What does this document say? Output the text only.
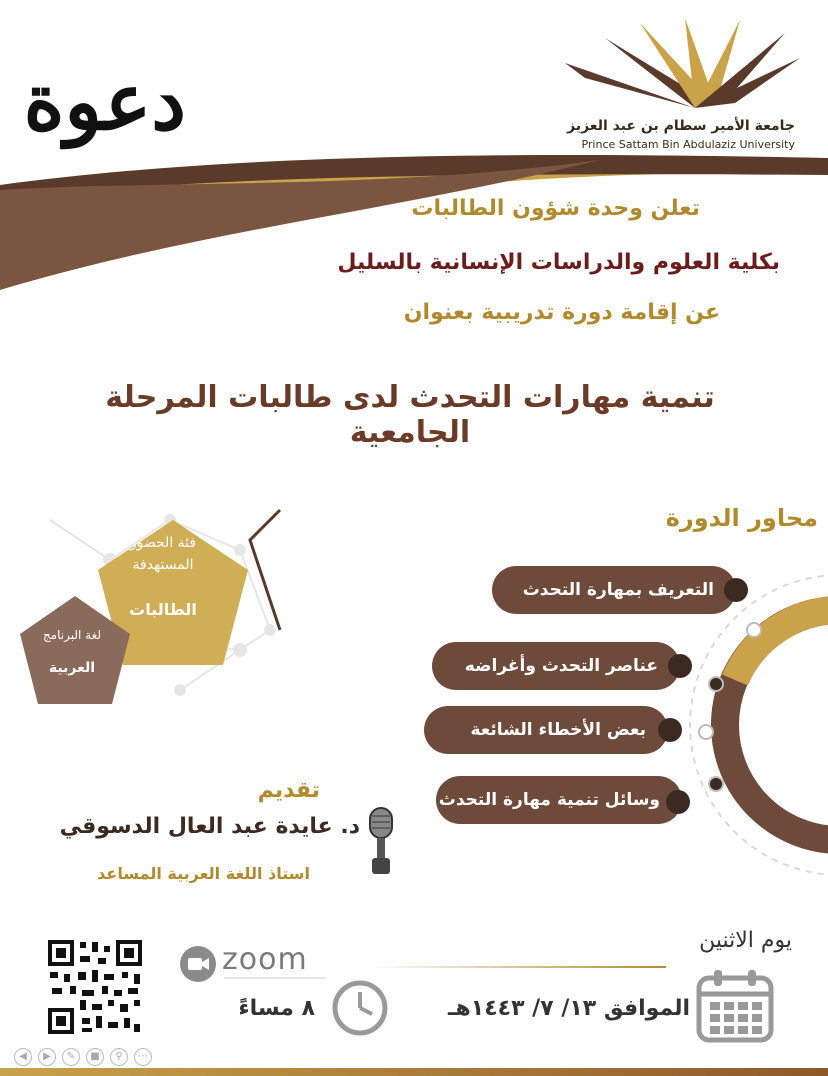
جامعة الأمير سطام بن عبد العزيز
Prince Sattam Bin Abdulaziz University
دعوة
تعلن وحدة شؤون الطالبات
بكلية العلوم والدراسات الإنسانية بالسليل
عن إقامة دورة تدريبية بعنوان
تنمية مهارات التحدث لدى طالبات المرحلة الجامعية
فئة الحضور المستهدفة
الطالبات
لغة البرنامج
العربية
محاور الدورة
التعريف بمهارة التحدث
عناصر التحدث وأغراضه
بعض الأخطاء الشائعة
وسائل تنمية مهارة التحدث
تقديم
د. عايدة عبد العال الدسوقي
استاذ اللغة العربية المساعد
يوم الاثنين
الموافق ١٣/ ٧/ ١٤٤٣هـ
٨ مساءً
zoom
◀ ▶ ✎ ■ ⚲ ⋯
